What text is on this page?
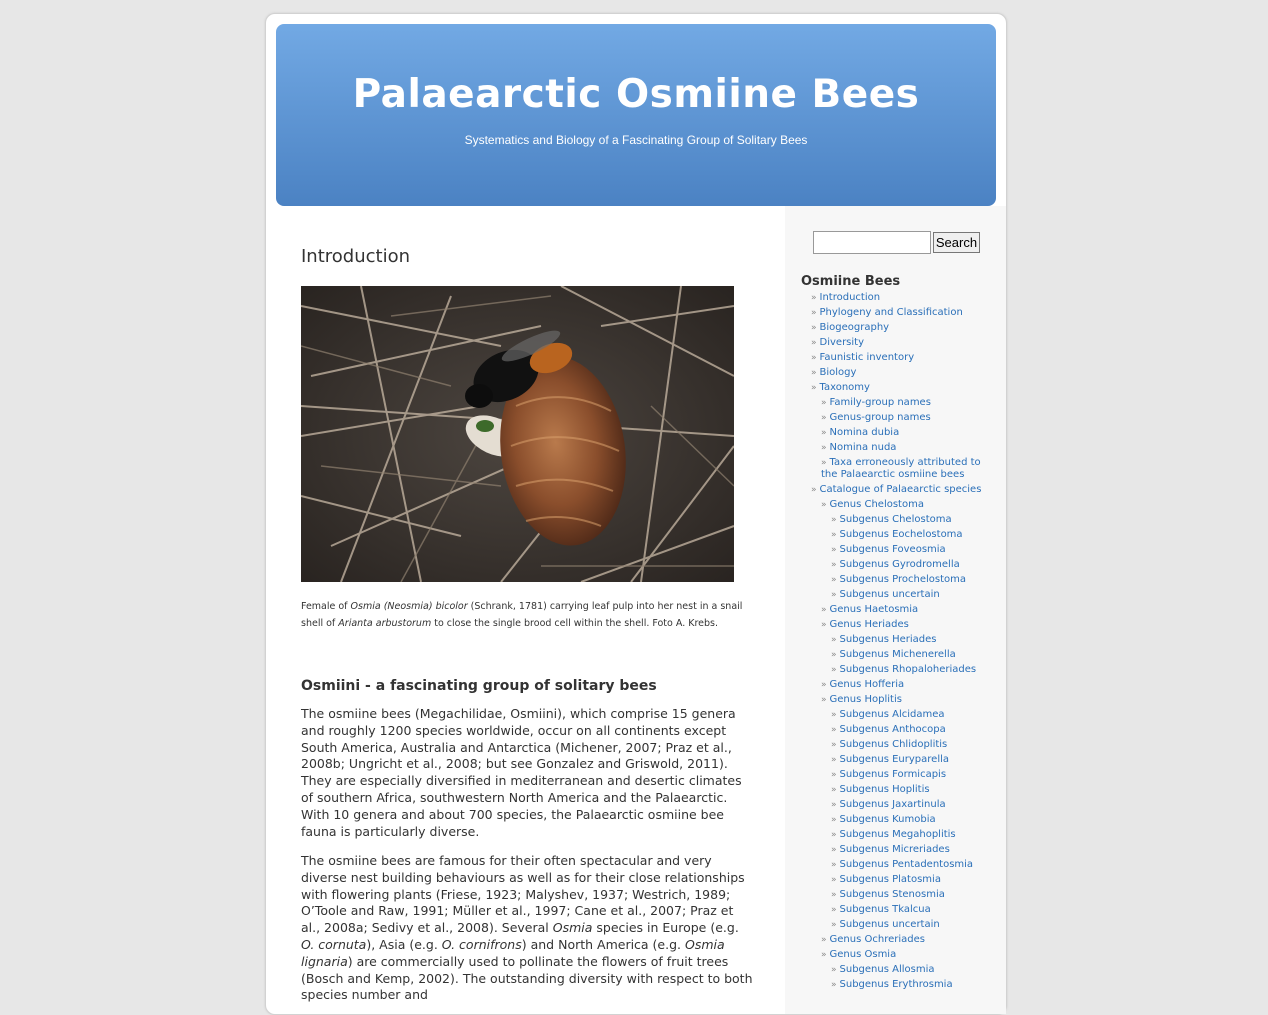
Palaearctic Osmiine Bees
Systematics and Biology of a Fascinating Group of Solitary Bees
Introduction
Female of Osmia (Neosmia) bicolor (Schrank, 1781) carrying leaf pulp into her nest in a snail shell of Arianta arbustorum to close the single brood cell within the shell. Foto A. Krebs.
Osmiini - a fascinating group of solitary bees

The osmiine bees (Megachilidae, Osmiini), which comprise 15 genera and roughly 1200 species worldwide, occur on all continents except South America, Australia and Antarctica (Michener, 2007; Praz et al., 2008b; Ungricht et al., 2008; but see Gonzalez and Griswold, 2011). They are especially diversified in mediterranean and desertic climates of southern Africa, southwestern North America and the Palaearctic. With 10 genera and about 700 species, the Palaearctic osmiine bee fauna is particularly diverse.

The osmiine bees are famous for their often spectacular and very diverse nest building behaviours as well as for their close relationships with flowering plants (Friese, 1923; Malyshev, 1937; Westrich, 1989; O’Toole and Raw, 1991; Müller et al., 1997; Cane et al., 2007; Praz et al., 2008a; Sedivy et al., 2008). Several Osmia species in Europe (e.g. O. cornuta), Asia (e.g. O. cornifrons) and North America (e.g. Osmia lignaria) are commercially used to pollinate the flowers of fruit trees (Bosch and Kemp, 2002). The outstanding diversity with respect to both species number and

Search
Osmiine Bees
» Introduction
» Phylogeny and Classification
» Biogeography
» Diversity
» Faunistic inventory
» Biology
» Taxonomy
» Family-group names
» Genus-group names
» Nomina dubia
» Nomina nuda
» Taxa erroneously attributed to the Palaearctic osmiine bees
» Catalogue of Palaearctic species
» Genus Chelostoma
» Subgenus Chelostoma
» Subgenus Eochelostoma
» Subgenus Foveosmia
» Subgenus Gyrodromella
» Subgenus Prochelostoma
» Subgenus uncertain
» Genus Haetosmia
» Genus Heriades
» Subgenus Heriades
» Subgenus Michenerella
» Subgenus Rhopaloheriades
» Genus Hofferia
» Genus Hoplitis
» Subgenus Alcidamea
» Subgenus Anthocopa
» Subgenus Chlidoplitis
» Subgenus Euryparella
» Subgenus Formicapis
» Subgenus Hoplitis
» Subgenus Jaxartinula
» Subgenus Kumobia
» Subgenus Megahoplitis
» Subgenus Micreriades
» Subgenus Pentadentosmia
» Subgenus Platosmia
» Subgenus Stenosmia
» Subgenus Tkalcua
» Subgenus uncertain
» Genus Ochreriades
» Genus Osmia
» Subgenus Allosmia
» Subgenus Erythrosmia
